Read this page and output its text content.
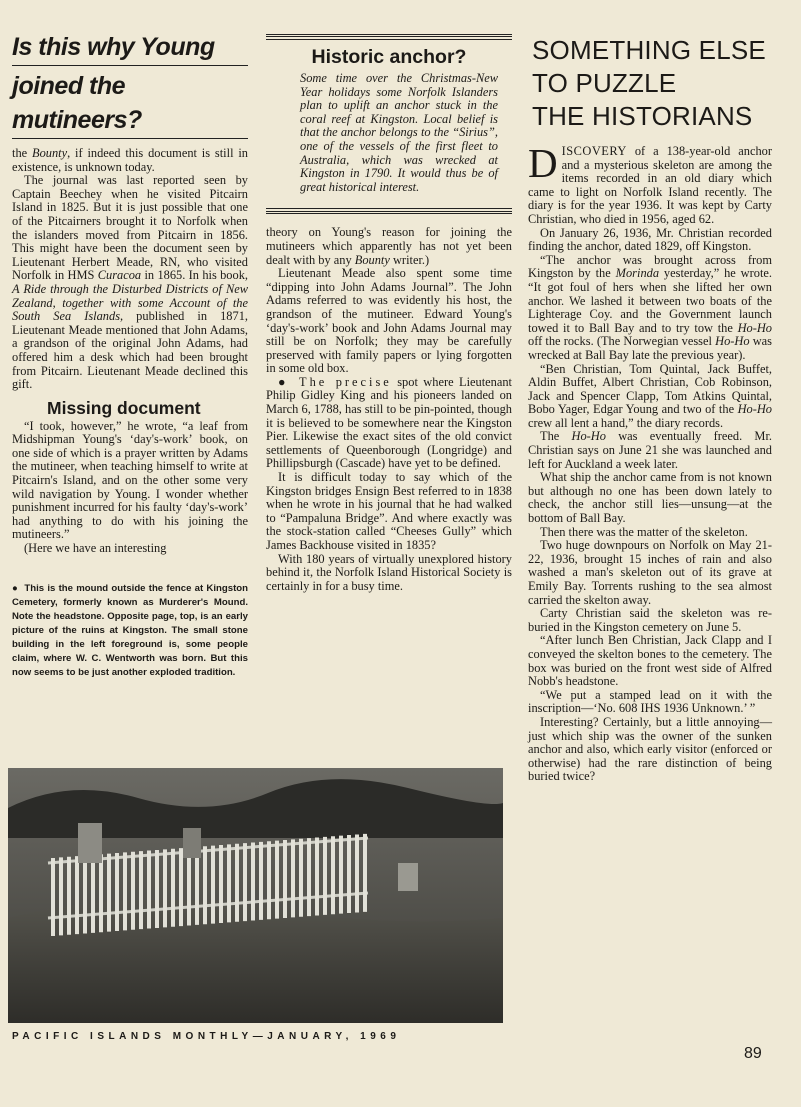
Is this why Young
joined the mutineers?

the Bounty, if indeed this document is still in existence, is unknown today.

The journal was last reported seen by Captain Beechey when he visited Pitcairn Island in 1825. But it is just possible that one of the Pitcairners brought it to Norfolk when the islanders moved from Pitcairn in 1856. This might have been the document seen by Lieutenant Herbert Meade, RN, who visited Norfolk in HMS Curacoa in 1865. In his book, A Ride through the Disturbed Districts of New Zealand, together with some Account of the South Sea Islands, published in 1871, Lieutenant Meade mentioned that John Adams, a grandson of the original John Adams, had offered him a desk which had been brought from Pitcairn. Lieutenant Meade declined this gift.

Missing document

“I took, however,” he wrote, “a leaf from Midshipman Young's ‘day's-work’ book, on one side of which is a prayer written by Adams the mutineer, when teaching himself to write at Pitcairn's Island, and on the other some very wild navigation by Young. I wonder whether punishment incurred for his faulty ‘day's-work’ had anything to do with his joining the mutineers.”

(Here we have an interesting

● This is the mound outside the fence at Kingston Cemetery, formerly known as Murderer's Mound. Note the headstone. Opposite page, top, is an early picture of the ruins at Kingston. The small stone building in the left foreground is, some people claim, where W. C. Wentworth was born. But this now seems to be just another exploded tradition.
Historic anchor?

Some time over the Christmas-New Year holidays some Norfolk Islanders plan to uplift an anchor stuck in the coral reef at Kingston. Local belief is that the anchor belongs to the “Sirius”, one of the vessels of the first fleet to Australia, which was wrecked at Kingston in 1790. It would thus be of great historical interest.

theory on Young's reason for joining the mutineers which apparently has not yet been dealt with by any Bounty writer.)

Lieutenant Meade also spent some time “dipping into John Adams Journal”. The John Adams referred to was evidently his host, the grandson of the mutineer. Edward Young's ‘day's-work’ book and John Adams Journal may still be on Norfolk; they may be carefully preserved with family papers or lying forgotten in some old box.

● The precise spot where Lieutenant Philip Gidley King and his pioneers landed on March 6, 1788, has still to be pin-pointed, though it is believed to be somewhere near the Kingston Pier. Likewise the exact sites of the old convict settlements of Queenborough (Longridge) and Phillipsburgh (Cascade) have yet to be defined.

It is difficult today to say which of the Kingston bridges Ensign Best referred to in 1838 when he wrote in his journal that he had walked to “Pampaluna Bridge”. And where exactly was the stock-station called “Cheeses Gully” which James Backhouse visited in 1835?

With 180 years of virtually unexplored history behind it, the Norfolk Island Historical Society is certainly in for a busy time.

SOMETHING ELSE
TO PUZZLE
THE HISTORIANS

DISCOVERY of a 138-year-old anchor and a mysterious skeleton are among the items recorded in an old diary which came to light on Norfolk Island recently. The diary is for the year 1936. It was kept by Carty Christian, who died in 1956, aged 62.

On January 26, 1936, Mr. Christian recorded finding the anchor, dated 1829, off Kingston.

“The anchor was brought across from Kingston by the Morinda yesterday,” he wrote. “It got foul of hers when she lifted her own anchor. We lashed it between two boats of the Lighterage Coy. and the Government launch towed it to Ball Bay and to try tow the Ho-Ho off the rocks. (The Norwegian vessel Ho-Ho was wrecked at Ball Bay late the previous year).

“Ben Christian, Tom Quintal, Jack Buffet, Aldin Buffet, Albert Christian, Cob Robinson, Jack and Spencer Clapp, Tom Atkins Quintal, Bobo Yager, Edgar Young and two of the Ho-Ho crew all lent a hand,” the diary records.

The Ho-Ho was eventually freed. Mr. Christian says on June 21 she was launched and left for Auckland a week later.

What ship the anchor came from is not known but although no one has been down lately to check, the anchor still lies—unsung—at the bottom of Ball Bay.

Then there was the matter of the skeleton.

Two huge downpours on Norfolk on May 21-22, 1936, brought 15 inches of rain and also washed a man's skeleton out of its grave at Emily Bay. Torrents rushing to the sea almost carried the skelton away.

Carty Christian said the skeleton was re-buried in the Kingston cemetery on June 5.

“After lunch Ben Christian, Jack Clapp and I conveyed the skelton bones to the cemetery. The box was buried on the front west side of Alfred Nobb's headstone.

“We put a stamped lead on it with the inscription—‘No. 608 IHS 1936 Unknown.’ ”

Interesting? Certainly, but a little annoying—just which ship was the owner of the sunken anchor and also, which early visitor (enforced or otherwise) had the rare distinction of being buried twice?

PACIFIC ISLANDS MONTHLY—JANUARY, 1969
89
